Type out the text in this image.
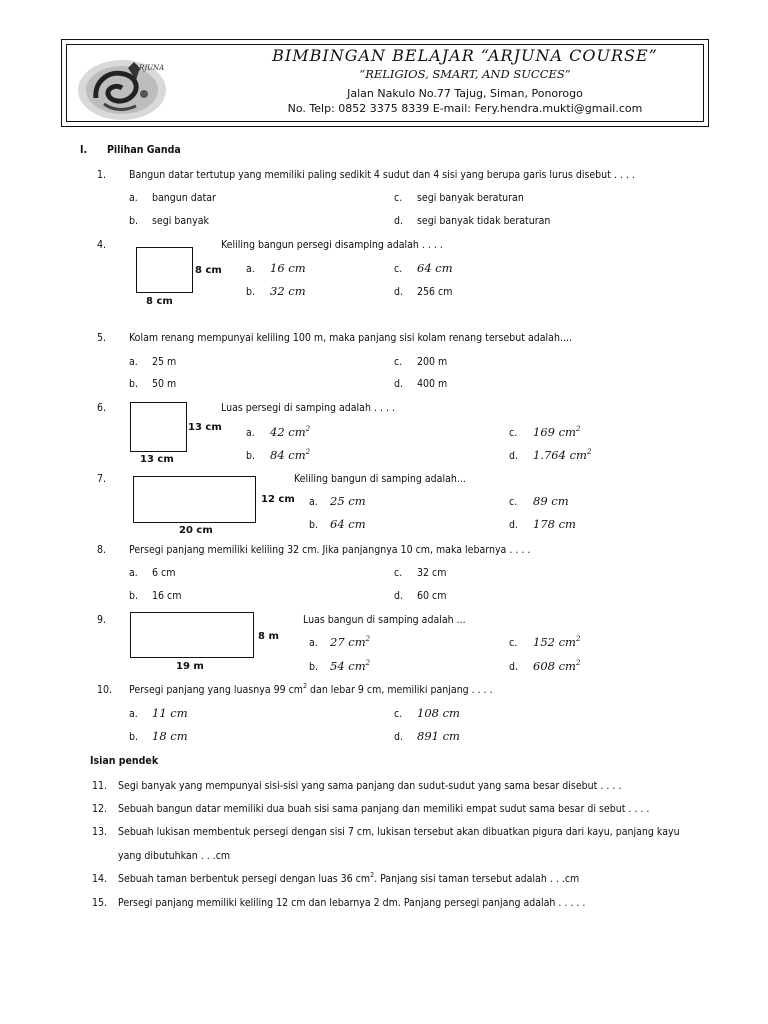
ARJUNA
BIMBINGAN BELAJAR “ARJUNA COURSE”
“RELIGIOS, SMART, AND SUCCES”
Jalan Nakulo No.77 Tajug, Siman, Ponorogo
No. Telp: 0852 3375 8339 E-mail: Fery.hendra.mukti@gmail.com
I. Pilihan Ganda
1. Bangun datar tertutup yang memiliki paling sedikit 4 sudut dan 4 sisi yang berupa garis lurus disebut . . . .
a. bangun datar	c. segi banyak beraturan
b. segi banyak	d. segi banyak tidak beraturan
4.	Keliling bangun persegi disamping adalah . . . .
8 cm
8 cm
a. 16 cm	c. 64 cm
b. 32 cm	d. 256 cm
5. Kolam renang mempunyai keliling 100 m, maka panjang sisi kolam renang tersebut adalah....
a. 25 m	c. 200 m
b. 50 m	d. 400 m
6.	Luas persegi di samping adalah . . . .
13 cm
13 cm
a. 42 $cm^2$	c. 169 $cm^2$
b. 84 $cm^2$	d. 1.764 $cm^2$
7.	Keliling bangun di samping adalah...
12 cm
20 cm
a. 25 cm	c. 89 cm
b. 64 cm	d. 178 cm
8. Persegi panjang memiliki keliling 32 cm. Jika panjangnya 10 cm, maka lebarnya . . . .
a. 6 cm	c. 32 cm
b. 16 cm	d. 60 cm
9.	Luas bangun di samping adalah ...
8 m
19 m
a. 27 $cm^2$	c. 152 $cm^2$
b. 54 $cm^2$	d. 608 $cm^2$
10. Persegi panjang yang luasnya 99 $cm^2$ dan lebar 9 cm, memiliki panjang . . . .
a. 11 cm	c. 108 cm
b. 18 cm	d. 891 cm
Isian pendek
11. Segi banyak yang mempunyai sisi-sisi yang sama panjang dan sudut-sudut yang sama besar disebut . . . .
12. Sebuah bangun datar memiliki dua buah sisi sama panjang dan memiliki empat sudut sama besar di sebut . . . .
13. Sebuah lukisan membentuk persegi dengan sisi 7 cm, lukisan tersebut akan dibuatkan pigura dari kayu, panjang kayu
yang dibutuhkan . . .cm
14. Sebuah taman berbentuk persegi dengan luas 36 $cm^2$. Panjang sisi taman tersebut adalah . . .cm
15. Persegi panjang memiliki keliling 12 cm dan lebarnya 2 dm. Panjang persegi panjang adalah . . . . .
